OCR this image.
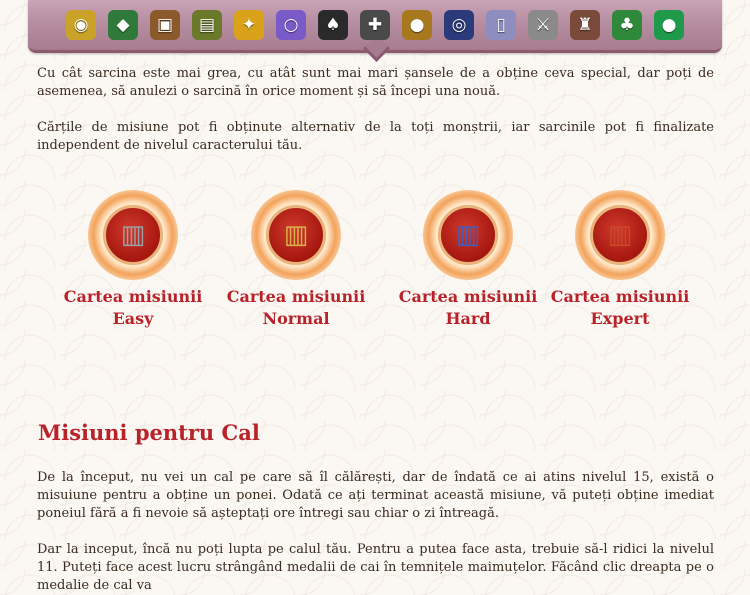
◉	◆	▣	▤	✦	○	♠	✚	●	◎	▯	⚔	♜	♣	●

Cu cât sarcina este mai grea, cu atât sunt mai mari șansele de a obține ceva special, dar poți de asemenea, să anulezi o sarcină în orice moment și să începi una nouă.

Cărțile de misiune pot fi obținute alternativ de la toți monștrii, iar sarcinile pot fi finalizate independent de nivelul caracterului tău.

▥
Cartea misiunii
Easy
▥
Cartea misiunii
Normal
▥
Cartea misiunii
Hard
▥
Cartea misiunii
Expert
Misiuni pentru Cal

De la început, nu vei un cal pe care să îl călărești, dar de îndată ce ai atins nivelul 15, există o misuiune pentru a obține un ponei. Odată ce ați terminat această misiune, vă puteți obține imediat poneiul fără a fi nevoie să așteptați ore întregi sau chiar o zi întreagă.

Dar la inceput, încă nu poți lupta pe calul tău. Pentru a putea face asta, trebuie să-l ridici la nivelul 11. Puteți face acest lucru strângând medalii de cai în temnițele maimuțelor. Făcând clic dreapta pe o medalie de cal va
